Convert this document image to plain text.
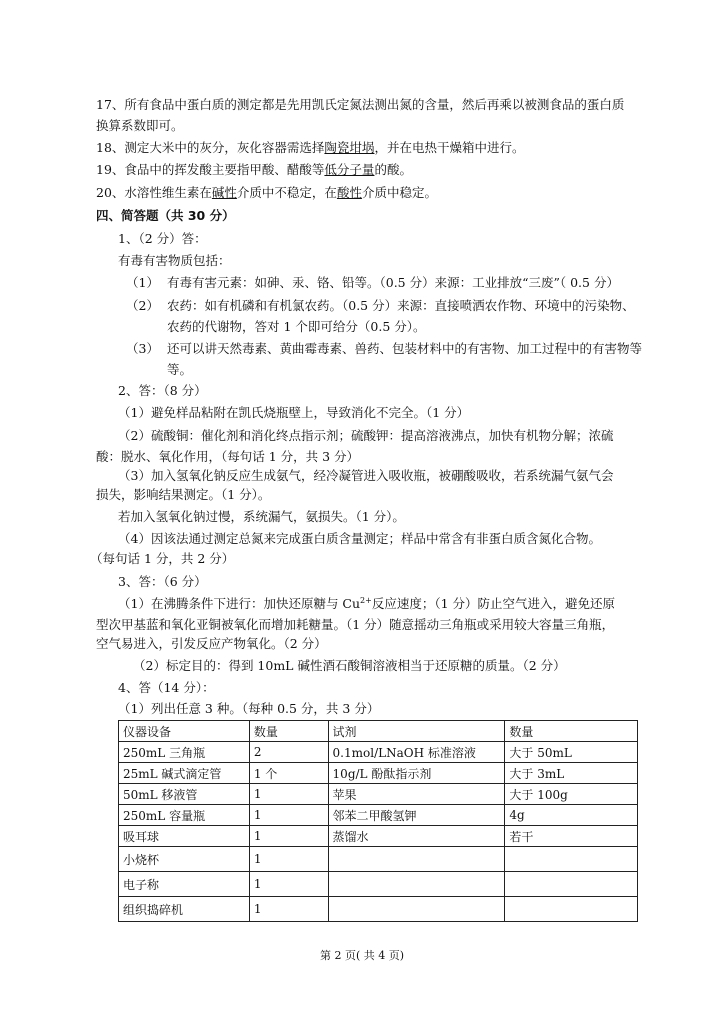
17、所有食品中蛋白质的测定都是先用凯氏定氮法测出氮的含量，然后再乘以被测食品的蛋白质
换算系数即可。
18、测定大米中的灰分，灰化容器需选择陶瓷坩埚，并在电热干燥箱中进行。
19、食品中的挥发酸主要指甲酸、醋酸等低分子量的酸。
20、水溶性维生素在碱性介质中不稳定，在酸性介质中稳定。
四、简答题（共 30 分）
1、（2 分）答：
有毒有害物质包括：
（1） 有毒有害元素：如砷、汞、铬、铅等。（0.5 分）来源：工业排放“三废”（ 0.5 分）
（2） 农药：如有机磷和有机氯农药。（0.5 分）来源：直接喷洒农作物、环境中的污染物、
农药的代谢物，答对 1 个即可给分（0.5 分）。
（3） 还可以讲天然毒素、黄曲霉毒素、兽药、包装材料中的有害物、加工过程中的有害物等
等。
2、答：（8 分）
（1）避免样品粘附在凯氏烧瓶壁上，导致消化不完全。（1 分）
（2）硫酸铜：催化剂和消化终点指示剂；硫酸钾：提高溶液沸点，加快有机物分解；浓硫
酸：脱水、氧化作用，（每句话 1 分，共 3 分）
（3）加入氢氧化钠反应生成氨气，经冷凝管进入吸收瓶，被硼酸吸收，若系统漏气氨气会
损失，影响结果测定。（1 分）。
若加入氢氧化钠过慢，系统漏气，氨损失。（1 分）。
（4）因该法通过测定总氮来完成蛋白质含量测定；样品中常含有非蛋白质含氮化合物。
（每句话 1 分，共 2 分）
3、答：（6 分）
（1）在沸腾条件下进行：加快还原糖与 $Cu^{2+}$反应速度；（1 分）防止空气进入，避免还原
型次甲基蓝和氧化亚铜被氧化而增加耗糖量。（1 分）随意摇动三角瓶或采用较大容量三角瓶，
空气易进入，引发反应产物氧化。（2 分）
（2）标定目的：得到 10mL 碱性酒石酸铜溶液相当于还原糖的质量。（2 分）
4、答（14 分）：
（1）列出任意 3 种。（每种 0.5 分，共 3 分）
仪器设备	数量	试剂	数量
250mL 三角瓶	2	0.1mol/LNaOH 标准溶液	大于 50mL
25mL 碱式滴定管	1 个	10g/L 酚酞指示剂	大于 3mL
50mL 移液管	1	苹果	大于 100g
250mL 容量瓶	1	邻苯二甲酸氢钾	4g
吸耳球	1	蒸馏水	若干
小烧杯	1		
电子称	1		
组织捣碎机	1		
第 2 页( 共 4 页)
